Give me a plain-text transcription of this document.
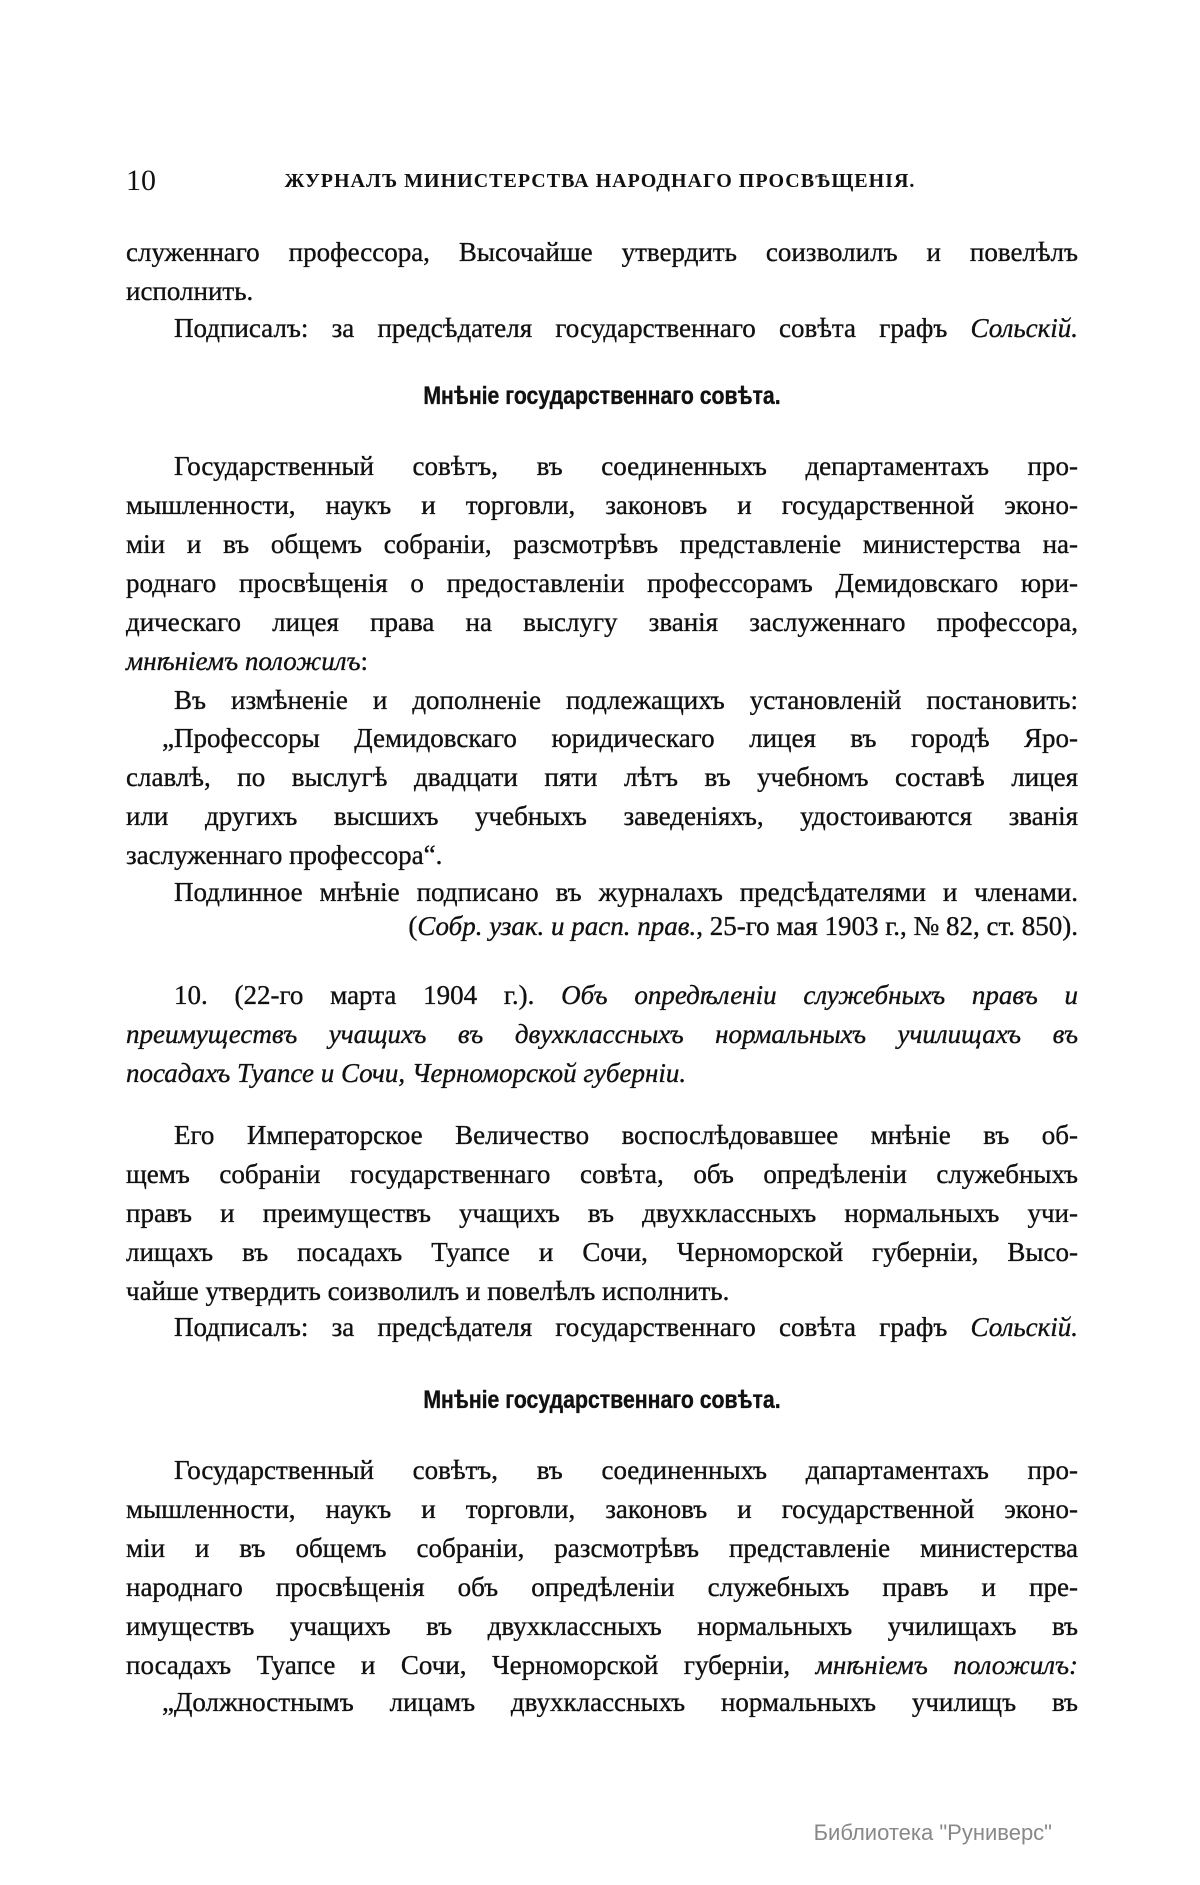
10	ЖУРНАЛЪ МИНИСТЕРСТВА НАРОДНАГО ПРОСВѢЩЕНІЯ.
служеннаго профессора, Высочайше утвердить соизволилъ и повелѣлъ
исполнить.
Подписалъ: за предсѣдателя государственнаго совѣта графъ Сольскій.
Мнѣніе государственнаго совѣта.
Государственный совѣтъ, въ соединенныхъ департаментахъ про-
мышленности, наукъ и торговли, законовъ и государственной эконо-
міи и въ общемъ собраніи, разсмотрѣвъ представленіе министерства на-
роднаго просвѣщенія о предоставленіи профессорамъ Демидовскаго юри-
дическаго лицея права на выслугу званія заслуженнаго профессора,
мнѣніемъ положилъ:
Въ измѣненіе и дополненіе подлежащихъ установленій постановить:
„Профессоры Демидовскаго юридическаго лицея въ городѣ Яро-
славлѣ, по выслугѣ двадцати пяти лѣтъ въ учебномъ составѣ лицея
или другихъ высшихъ учебныхъ заведеніяхъ, удостоиваются званія
заслуженнаго профессора“.
Подлинное мнѣніе подписано въ журналахъ предсѣдателями и членами.
(Собр. узак. и расп. прав., 25-го мая 1903 г., № 82, ст. 850).
10. (22-го марта 1904 г.). Объ опредѣленіи служебныхъ правъ и
преимуществъ учащихъ въ двухклассныхъ нормальныхъ училищахъ въ
посадахъ Туапсе и Сочи, Черноморской губерніи.
Его Императорское Величество воспослѣдовавшее мнѣніе въ об-
щемъ собраніи государственнаго совѣта, объ опредѣленіи служебныхъ
правъ и преимуществъ учащихъ въ двухклассныхъ нормальныхъ учи-
лищахъ въ посадахъ Туапсе и Сочи, Черноморской губерніи, Высо-
чайше утвердить соизволилъ и повелѣлъ исполнить.
Подписалъ: за предсѣдателя государственнаго совѣта графъ Сольскій.
Мнѣніе государственнаго совѣта.
Государственный совѣтъ, въ соединенныхъ дапартаментахъ про-
мышленности, наукъ и торговли, законовъ и государственной эконо-
міи и въ общемъ собраніи, разсмотрѣвъ представленіе министерства
народнаго просвѣщенія объ опредѣленіи служебныхъ правъ и пре-
имуществъ учащихъ въ двухклассныхъ нормальныхъ училищахъ въ
посадахъ Туапсе и Сочи, Черноморской губерніи, мнѣніемъ положилъ:
„Должностнымъ лицамъ двухклассныхъ нормальныхъ училищъ въ
Библиотека "Руниверс"
